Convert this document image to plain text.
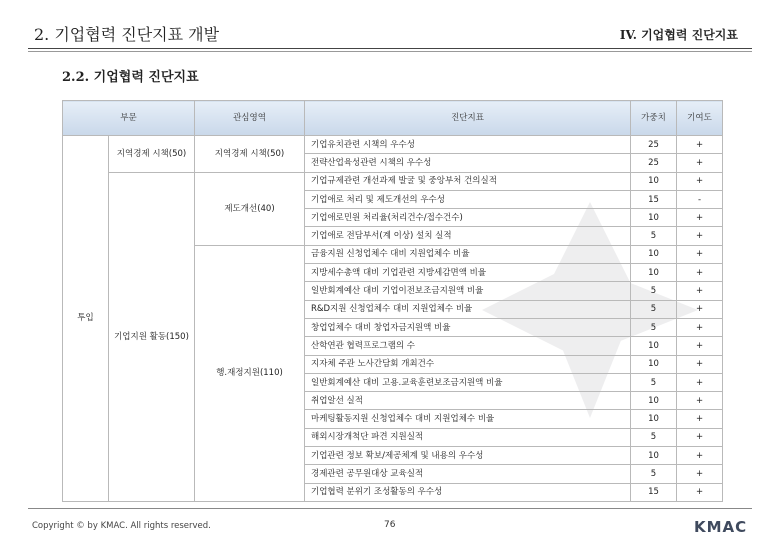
2. 기업협력 진단지표 개발	IV. 기업협력 진단지표
2.2. 기업협력 진단지표
부문		관심영역	진단지표	가중치	기여도
투입	지역경제 시책(50)	지역경제 시책(50)	기업유치관련 시책의 우수성	25	+
			전략산업육성관련 시책의 우수성	25	+
	기업지원 활동(150)	제도개선(40)	기업규제관련 개선과제 발굴 및 중앙부처 건의실적	10	+
			기업애로 처리 및 제도개선의 우수성	15	-
			기업애로민원 처리율(처리건수/접수건수)	10	+
			기업애로 전담부서(계 이상) 설치 실적	5	+
		행.재정지원(110)	금융지원 신청업체수 대비 지원업체수 비율	10	+
			지방세수총액 대비 기업관련 지방세감면액 비율	10	+
			일반회계예산 대비 기업이전보조금지원액 비율	5	+
			R&D지원 신청업체수 대비 지원업체수 비율	5	+
			창업업체수 대비 창업자금지원액 비율	5	+
			산학연관 협력프로그램의 수	10	+
			지자체 주관 노사간담회 개최건수	10	+
			일반회계예산 대비 고용.교육훈련보조금지원액 비율	5	+
			취업알선 실적	10	+
			마케팅활동지원 신청업체수 대비 지원업체수 비율	10	+
			해외시장개척단 파견 지원실적	5	+
			기업관련 정보 확보/제공체계 및 내용의 우수성	10	+
			경제관련 공무원대상 교육실적	5	+
			기업협력 분위기 조성활동의 우수성	15	+
Copyright © by KMAC. All rights reserved.	76	KMAC
